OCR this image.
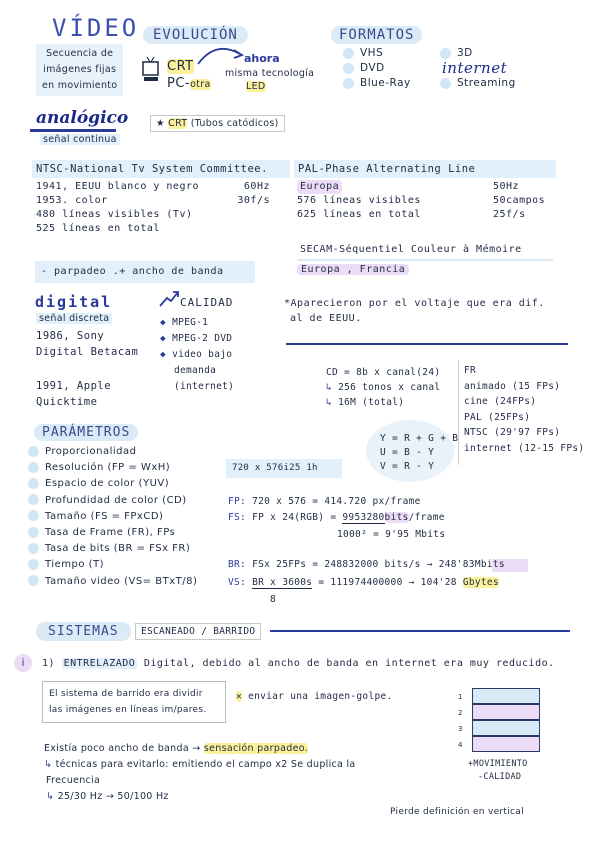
VÍDEO
Secuencia de
imágenes fijas
en movimiento
EVOLUCIÓN
CRT
PC-otra
ahora
misma tecnología
LED
FORMATOS
VHS
DVD
Blue-Ray
3D
internet
Streaming
analógico
señal continua
★ CRT (Tubos catódicos)
NTSC-National Tv System Committee.
1941, EEUU blanco y negro	60Hz
1953. color	30f/s
480 líneas visibles (Tv)
525 líneas en total
PAL-Phase Alternating Line
Europa	50Hz
576 líneas visibles	50campos
625 líneas en total	25f/s
SECAM-Séquentiel Couleur à Mémoire
Europa , Francia
- parpadeo .+ ancho de banda
digital
señal discreta
1986, Sony
Digital Betacam
1991, Apple
Quicktime
CALIDAD
◆ MPEG-1
◆ MPEG-2 DVD
◆ video bajo
demanda
(internet)
*Aparecieron por el voltaje que era dif.
al de EEUU.
CD = 8b x canal(24)
↳ 256 tonos x canal
↳ 16M (total)
FR
animado (15 FPs)
cine (24FPs)
PAL (25FPs)
NTSC (29'97 FPs)
internet (12-15 FPs)
PARÁMETROS
Proporcionalidad
Resolución (FP = WxH)
Espacio de color (YUV)
Profundidad de color (CD)
Tamaño (FS = FPxCD)
Tasa de Frame (FR), FPs
Tasa de bits (BR = FSx FR)
Tiempo (T)
Tamaño video (VS= BTxT/8)
Y = R + G + B
U = B - Y
V = R - Y
720 x 576i25 1h
FP: 720 x 576 = 414.720 px/frame
FS: FP x 24(RGB) = 9953280bits/frame
1000² = 9'95 Mbits
BR: FSx 25FPs = 248832000 bits/s → 248'83Mbits
VS: BR x 3600s = 111974400000 → 104'28 Gbytes
8
SISTEMAS	ESCANEADO / BARRIDO
i	1) ENTRELAZADO Digital, debido al ancho de banda en internet era muy reducido.
El sistema de barrido era dividir
las imágenes en líneas im/pares.
✕ enviar una imagen-golpe.	1
2
3
4
+MOVIMIENTO
-CALIDAD
Existía poco ancho de banda → sensación parpadeo.
↳ técnicas para evitarlo: emitiendo el campo x2 Se duplica la
Frecuencia
↳ 25/30 Hz → 50/100 Hz
Pierde definición en vertical
